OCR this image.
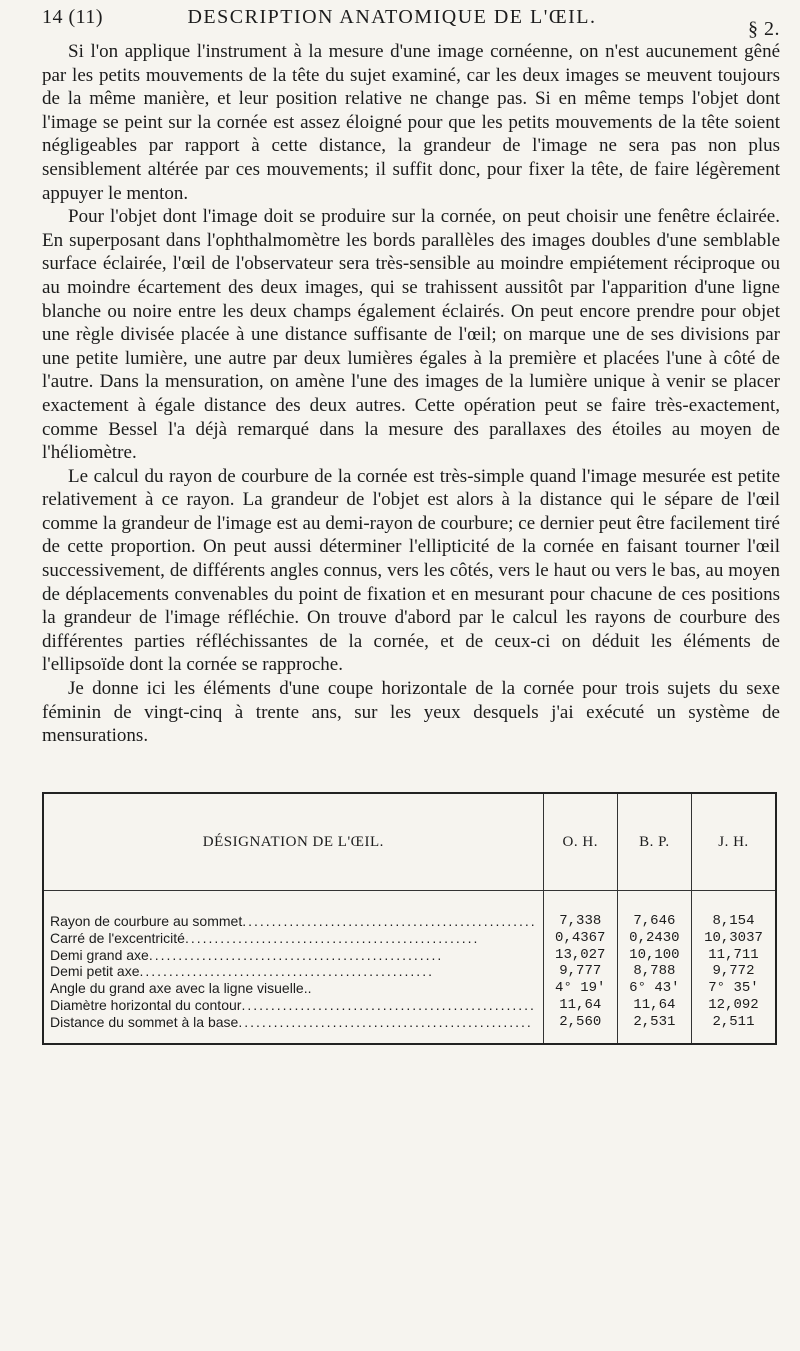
14 (11)	DESCRIPTION ANATOMIQUE DE L'ŒIL.
§ 2.

Si l'on applique l'instrument à la mesure d'une image cornéenne, on n'est aucunement gêné par les petits mouvements de la tête du sujet examiné, car les deux images se meuvent toujours de la même manière, et leur position relative ne change pas. Si en même temps l'objet dont l'image se peint sur la cornée est assez éloigné pour que les petits mouvements de la tête soient négligeables par rapport à cette distance, la grandeur de l'image ne sera pas non plus sensiblement altérée par ces mouvements; il suffit donc, pour fixer la tête, de faire légèrement appuyer le menton.

Pour l'objet dont l'image doit se produire sur la cornée, on peut choisir une fenêtre éclairée. En superposant dans l'ophthalmomètre les bords parallèles des images doubles d'une semblable surface éclairée, l'œil de l'observateur sera très-sensible au moindre empiétement réciproque ou au moindre écartement des deux images, qui se trahissent aussitôt par l'apparition d'une ligne blanche ou noire entre les deux champs également éclairés. On peut encore prendre pour objet une règle divisée placée à une distance suffisante de l'œil; on marque une de ses divisions par une petite lumière, une autre par deux lumières égales à la première et placées l'une à côté de l'autre. Dans la mensuration, on amène l'une des images de la lumière unique à venir se placer exactement à égale distance des deux autres. Cette opération peut se faire très-exactement, comme Bessel l'a déjà remarqué dans la mesure des parallaxes des étoiles au moyen de l'héliomètre.

Le calcul du rayon de courbure de la cornée est très-simple quand l'image mesurée est petite relativement à ce rayon. La grandeur de l'objet est alors à la distance qui le sépare de l'œil comme la grandeur de l'image est au demi-rayon de courbure; ce dernier peut être facilement tiré de cette proportion. On peut aussi déterminer l'ellipticité de la cornée en faisant tourner l'œil successivement, de différents angles connus, vers les côtés, vers le haut ou vers le bas, au moyen de déplacements convenables du point de fixation et en mesurant pour chacune de ces positions la grandeur de l'image réfléchie. On trouve d'abord par le calcul les rayons de courbure des différentes parties réfléchissantes de la cornée, et de ceux-ci on déduit les éléments de l'ellipsoïde dont la cornée se rapproche.

Je donne ici les éléments d'une coupe horizontale de la cornée pour trois sujets du sexe féminin de vingt-cinq à trente ans, sur les yeux desquels j'ai exécuté un système de mensurations.

DÉSIGNATION DE L'ŒIL.	O. H.	B. P.	J. H.

Rayon de courbure au sommet ..................................................	7,338	7,646	8,154

Carré de l'excentricité ..................................................	0,4367	0,2430	10,3037

Demi grand axe ..................................................	13,027	10,100	11,711

Demi petit axe ..................................................	9,777	8,788	9,772

Angle du grand axe avec la ligne visuelle..	4° 19′	6° 43′	7° 35′

Diamètre horizontal du contour ..................................................	11,64	11,64	12,092

Distance du sommet à la base ..................................................	2,560	2,531	2,511
